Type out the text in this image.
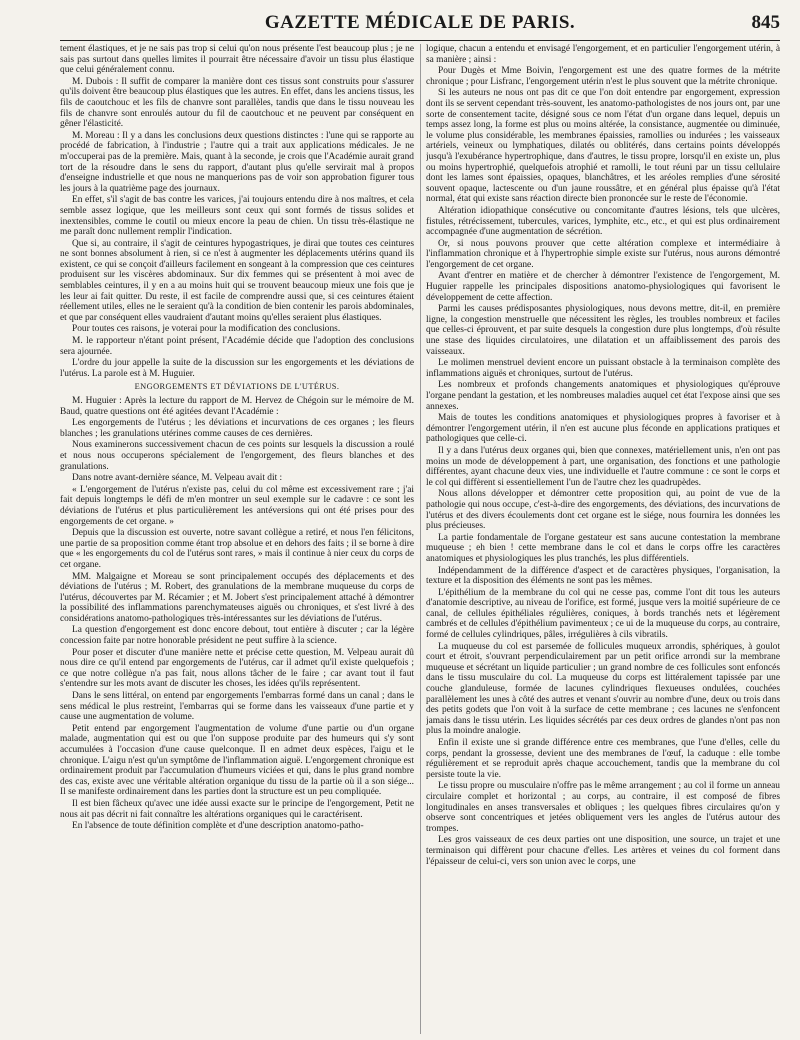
GAZETTE MÉDICALE DE PARIS.	845

tement élastiques, et je ne sais pas trop si celui qu'on nous présente l'est beaucoup plus ; je ne sais pas surtout dans quelles limites il pourrait être nécessaire d'avoir un tissu plus élastique que celui généralement connu.

M. Dubois : Il suffit de comparer la manière dont ces tissus sont construits pour s'assurer qu'ils doivent être beaucoup plus élastiques que les autres. En effet, dans les anciens tissus, les fils de caoutchouc et les fils de chanvre sont parallèles, tandis que dans le tissu nouveau les fils de chanvre sont enroulés autour du fil de caoutchouc et ne peuvent par conséquent en gêner l'élasticité.

M. Moreau : Il y a dans les conclusions deux questions distinctes : l'une qui se rapporte au procédé de fabrication, à l'industrie ; l'autre qui a trait aux applications médicales. Je ne m'occuperai pas de la première. Mais, quant à la seconde, je crois que l'Académie aurait grand tort de la résoudre dans le sens du rapport, d'autant plus qu'elle servirait mal à propos d'enseigne industrielle et que nous ne manquerions pas de voir son approbation figurer tous les jours à la quatrième page des journaux.

En effet, s'il s'agit de bas contre les varices, j'ai toujours entendu dire à nos maîtres, et cela semble assez logique, que les meilleurs sont ceux qui sont formés de tissus solides et inextensibles, comme le coutil ou mieux encore la peau de chien. Un tissu très-élastique ne me paraît donc nullement remplir l'indication.

Que si, au contraire, il s'agit de ceintures hypogastriques, je dirai que toutes ces ceintures ne sont bonnes absolument à rien, si ce n'est à augmenter les déplacements utérins quand ils existent, ce qui se conçoit d'ailleurs facilement en songeant à la compression que ces ceintures produisent sur les viscères abdominaux. Sur dix femmes qui se présentent à moi avec de semblables ceintures, il y en a au moins huit qui se trouvent beaucoup mieux une fois que je les leur ai fait quitter. Du reste, il est facile de comprendre aussi que, si ces ceintures étaient réellement utiles, elles ne le seraient qu'à la condition de bien contenir les parois abdominales, et que par conséquent elles vaudraient d'autant moins qu'elles seraient plus élastiques.

Pour toutes ces raisons, je voterai pour la modification des conclusions.

M. le rapporteur n'étant point présent, l'Académie décide que l'adoption des conclusions sera ajournée.

L'ordre du jour appelle la suite de la discussion sur les engorgements et les déviations de l'utérus. La parole est à M. Huguier.

ENGORGEMENTS ET DÉVIATIONS DE L'UTÉRUS.

M. Huguier : Après la lecture du rapport de M. Hervez de Chégoin sur le mémoire de M. Baud, quatre questions ont été agitées devant l'Académie :

Les engorgements de l'utérus ; les déviations et incurvations de ces organes ; les fleurs blanches ; les granulations utérines comme causes de ces dernières.

Nous examinerons successivement chacun de ces points sur lesquels la discussion a roulé et nous nous occuperons spécialement de l'engorgement, des fleurs blanches et des granulations.

Dans notre avant-dernière séance, M. Velpeau avait dit :

« L'engorgement de l'utérus n'existe pas, celui du col même est excessivement rare ; j'ai fait depuis longtemps le défi de m'en montrer un seul exemple sur le cadavre : ce sont les déviations de l'utérus et plus particulièrement les antéversions qui ont été prises pour des engorgements de cet organe. »

Depuis que la discussion est ouverte, notre savant collègue a retiré, et nous l'en félicitons, une partie de sa proposition comme étant trop absolue et en dehors des faits ; il se borne à dire que « les engorgements du col de l'utérus sont rares, » mais il continue à nier ceux du corps de cet organe.

MM. Malgaigne et Moreau se sont principalement occupés des déplacements et des déviations de l'utérus ; M. Robert, des granulations de la membrane muqueuse du corps de l'utérus, découvertes par M. Récamier ; et M. Jobert s'est principalement attaché à démontrer la possibilité des inflammations parenchymateuses aiguës ou chroniques, et s'est livré à des considérations anatomo-pathologiques très-intéressantes sur les déviations de l'utérus.

La question d'engorgement est donc encore debout, tout entière à discuter ; car la légère concession faite par notre honorable président ne peut suffire à la science.

Pour poser et discuter d'une manière nette et précise cette question, M. Velpeau aurait dû nous dire ce qu'il entend par engorgements de l'utérus, car il admet qu'il existe quelquefois ; ce que notre collègue n'a pas fait, nous allons tâcher de le faire ; car avant tout il faut s'entendre sur les mots avant de discuter les choses, les idées qu'ils représentent.

Dans le sens littéral, on entend par engorgements l'embarras formé dans un canal ; dans le sens médical le plus restreint, l'embarras qui se forme dans les vaisseaux d'une partie et y cause une augmentation de volume.

Petit entend par engorgement l'augmentation de volume d'une partie ou d'un organe malade, augmentation qui est ou que l'on suppose produite par des humeurs qui s'y sont accumulées à l'occasion d'une cause quelconque. Il en admet deux espèces, l'aigu et le chronique. L'aigu n'est qu'un symptôme de l'inflammation aiguë. L'engorgement chronique est ordinairement produit par l'accumulation d'humeurs viciées et qui, dans le plus grand nombre des cas, existe avec une véritable altération organique du tissu de la partie où il a son siége... Il se manifeste ordinairement dans les parties dont la structure est un peu compliquée.

Il est bien fâcheux qu'avec une idée aussi exacte sur le principe de l'engorgement, Petit ne nous ait pas décrit ni fait connaître les altérations organiques qui le caractérisent.

En l'absence de toute définition complète et d'une description anatomo-patho-

logique, chacun a entendu et envisagé l'engorgement, et en particulier l'engorgement utérin, à sa manière ; ainsi :

Pour Dugès et Mme Boivin, l'engorgement est une des quatre formes de la métrite chronique ; pour Lisfranc, l'engorgement utérin n'est le plus souvent que la métrite chronique.

Si les auteurs ne nous ont pas dit ce que l'on doit entendre par engorgement, expression dont ils se servent cependant très-souvent, les anatomo-pathologistes de nos jours ont, par une sorte de consentement tacite, désigné sous ce nom l'état d'un organe dans lequel, depuis un temps assez long, la forme est plus ou moins altérée, la consistance, augmentée ou diminuée, le volume plus considérable, les membranes épaissies, ramollies ou indurées ; les vaisseaux artériels, veineux ou lymphatiques, dilatés ou oblitérés, dans certains points développés jusqu'à l'exubérance hypertrophique, dans d'autres, le tissu propre, lorsqu'il en existe un, plus ou moins hypertrophié, quelquefois atrophié et ramolli, le tout réuni par un tissu cellulaire dont les lames sont épaissies, opaques, blanchâtres, et les aréoles remplies d'une sérosité souvent opaque, lactescente ou d'un jaune roussâtre, et en général plus épaisse qu'à l'état normal, état qui existe sans réaction directe bien prononcée sur le reste de l'économie.

Altération idiopathique consécutive ou concomitante d'autres lésions, tels que ulcères, fistules, rétrécissement, tubercules, varices, lymphite, etc., etc., et qui est plus ordinairement accompagnée d'une augmentation de sécrétion.

Or, si nous pouvons prouver que cette altération complexe et intermédiaire à l'inflammation chronique et à l'hypertrophie simple existe sur l'utérus, nous aurons démontré l'engorgement de cet organe.

Avant d'entrer en matière et de chercher à démontrer l'existence de l'engorgement, M. Huguier rappelle les principales dispositions anatomo-physiologiques qui favorisent le développement de cette affection.

Parmi les causes prédisposantes physiologiques, nous devons mettre, dit-il, en première ligne, la congestion menstruelle que nécessitent les règles, les troubles nombreux et faciles que celles-ci éprouvent, et par suite desquels la congestion dure plus longtemps, d'où résulte une stase des liquides circulatoires, une dilatation et un affaiblissement des parois des vaisseaux.

Le molimen menstruel devient encore un puissant obstacle à la terminaison complète des inflammations aiguës et chroniques, surtout de l'utérus.

Les nombreux et profonds changements anatomiques et physiologiques qu'éprouve l'organe pendant la gestation, et les nombreuses maladies auquel cet état l'expose ainsi que ses annexes.

Mais de toutes les conditions anatomiques et physiologiques propres à favoriser et à démontrer l'engorgement utérin, il n'en est aucune plus féconde en applications pratiques et pathologiques que celle-ci.

Il y a dans l'utérus deux organes qui, bien que connexes, matériellement unis, n'en ont pas moins un mode de développement à part, une organisation, des fonctions et une pathologie différentes, ayant chacune deux vies, une individuelle et l'autre commune : ce sont le corps et le col qui diffèrent si essentiellement l'un de l'autre chez les quadrupèdes.

Nous allons développer et démontrer cette proposition qui, au point de vue de la pathologie qui nous occupe, c'est-à-dire des engorgements, des déviations, des incurvations de l'utérus et des divers écoulements dont cet organe est le siége, nous fournira les données les plus précieuses.

La partie fondamentale de l'organe gestateur est sans aucune contestation la membrane muqueuse ; eh bien ! cette membrane dans le col et dans le corps offre les caractères anatomiques et physiologiques les plus tranchés, les plus différentiels.

Indépendamment de la différence d'aspect et de caractères physiques, l'organisation, la texture et la disposition des éléments ne sont pas les mêmes.

L'épithélium de la membrane du col qui ne cesse pas, comme l'ont dit tous les auteurs d'anatomie descriptive, au niveau de l'orifice, est formé, jusque vers la moitié supérieure de ce canal, de cellules épithéliales régulières, coniques, à bords tranchés nets et légèrement cambrés et de cellules d'épithélium pavimenteux ; ce ui de la muqueuse du corps, au contraire, formé de cellules cylindriques, pâles, irrégulières à cils vibratils.

La muqueuse du col est parsemée de follicules muqueux arrondis, sphériques, à goulot court et étroit, s'ouvrant perpendiculairement par un petit orifice arrondi sur la membrane muqueuse et sécrétant un liquide particulier ; un grand nombre de ces follicules sont enfoncés dans le tissu musculaire du col. La muqueuse du corps est littéralement tapissée par une couche glanduleuse, formée de lacunes cylindriques flexueuses ondulées, couchées parallèlement les unes à côté des autres et venant s'ouvrir au nombre d'une, deux ou trois dans des petits godets que l'on voit à la surface de cette membrane ; ces lacunes ne s'enfoncent jamais dans le tissu utérin. Les liquides sécrétés par ces deux ordres de glandes n'ont pas non plus la moindre analogie.

Enfin il existe une si grande différence entre ces membranes, que l'une d'elles, celle du corps, pendant la grossesse, devient une des membranes de l'œuf, la caduque : elle tombe régulièrement et se reproduit après chaque accouchement, tandis que la membrane du col persiste toute la vie.

Le tissu propre ou musculaire n'offre pas le même arrangement ; au col il forme un anneau circulaire complet et horizontal ; au corps, au contraire, il est composé de fibres longitudinales en anses transversales et obliques ; les quelques fibres circulaires qu'on y observe sont concentriques et jetées obliquement vers les angles de l'utérus autour des trompes.

Les gros vaisseaux de ces deux parties ont une disposition, une source, un trajet et une terminaison qui diffèrent pour chacune d'elles. Les artères et veines du col forment dans l'épaisseur de celui-ci, vers son union avec le corps, une
